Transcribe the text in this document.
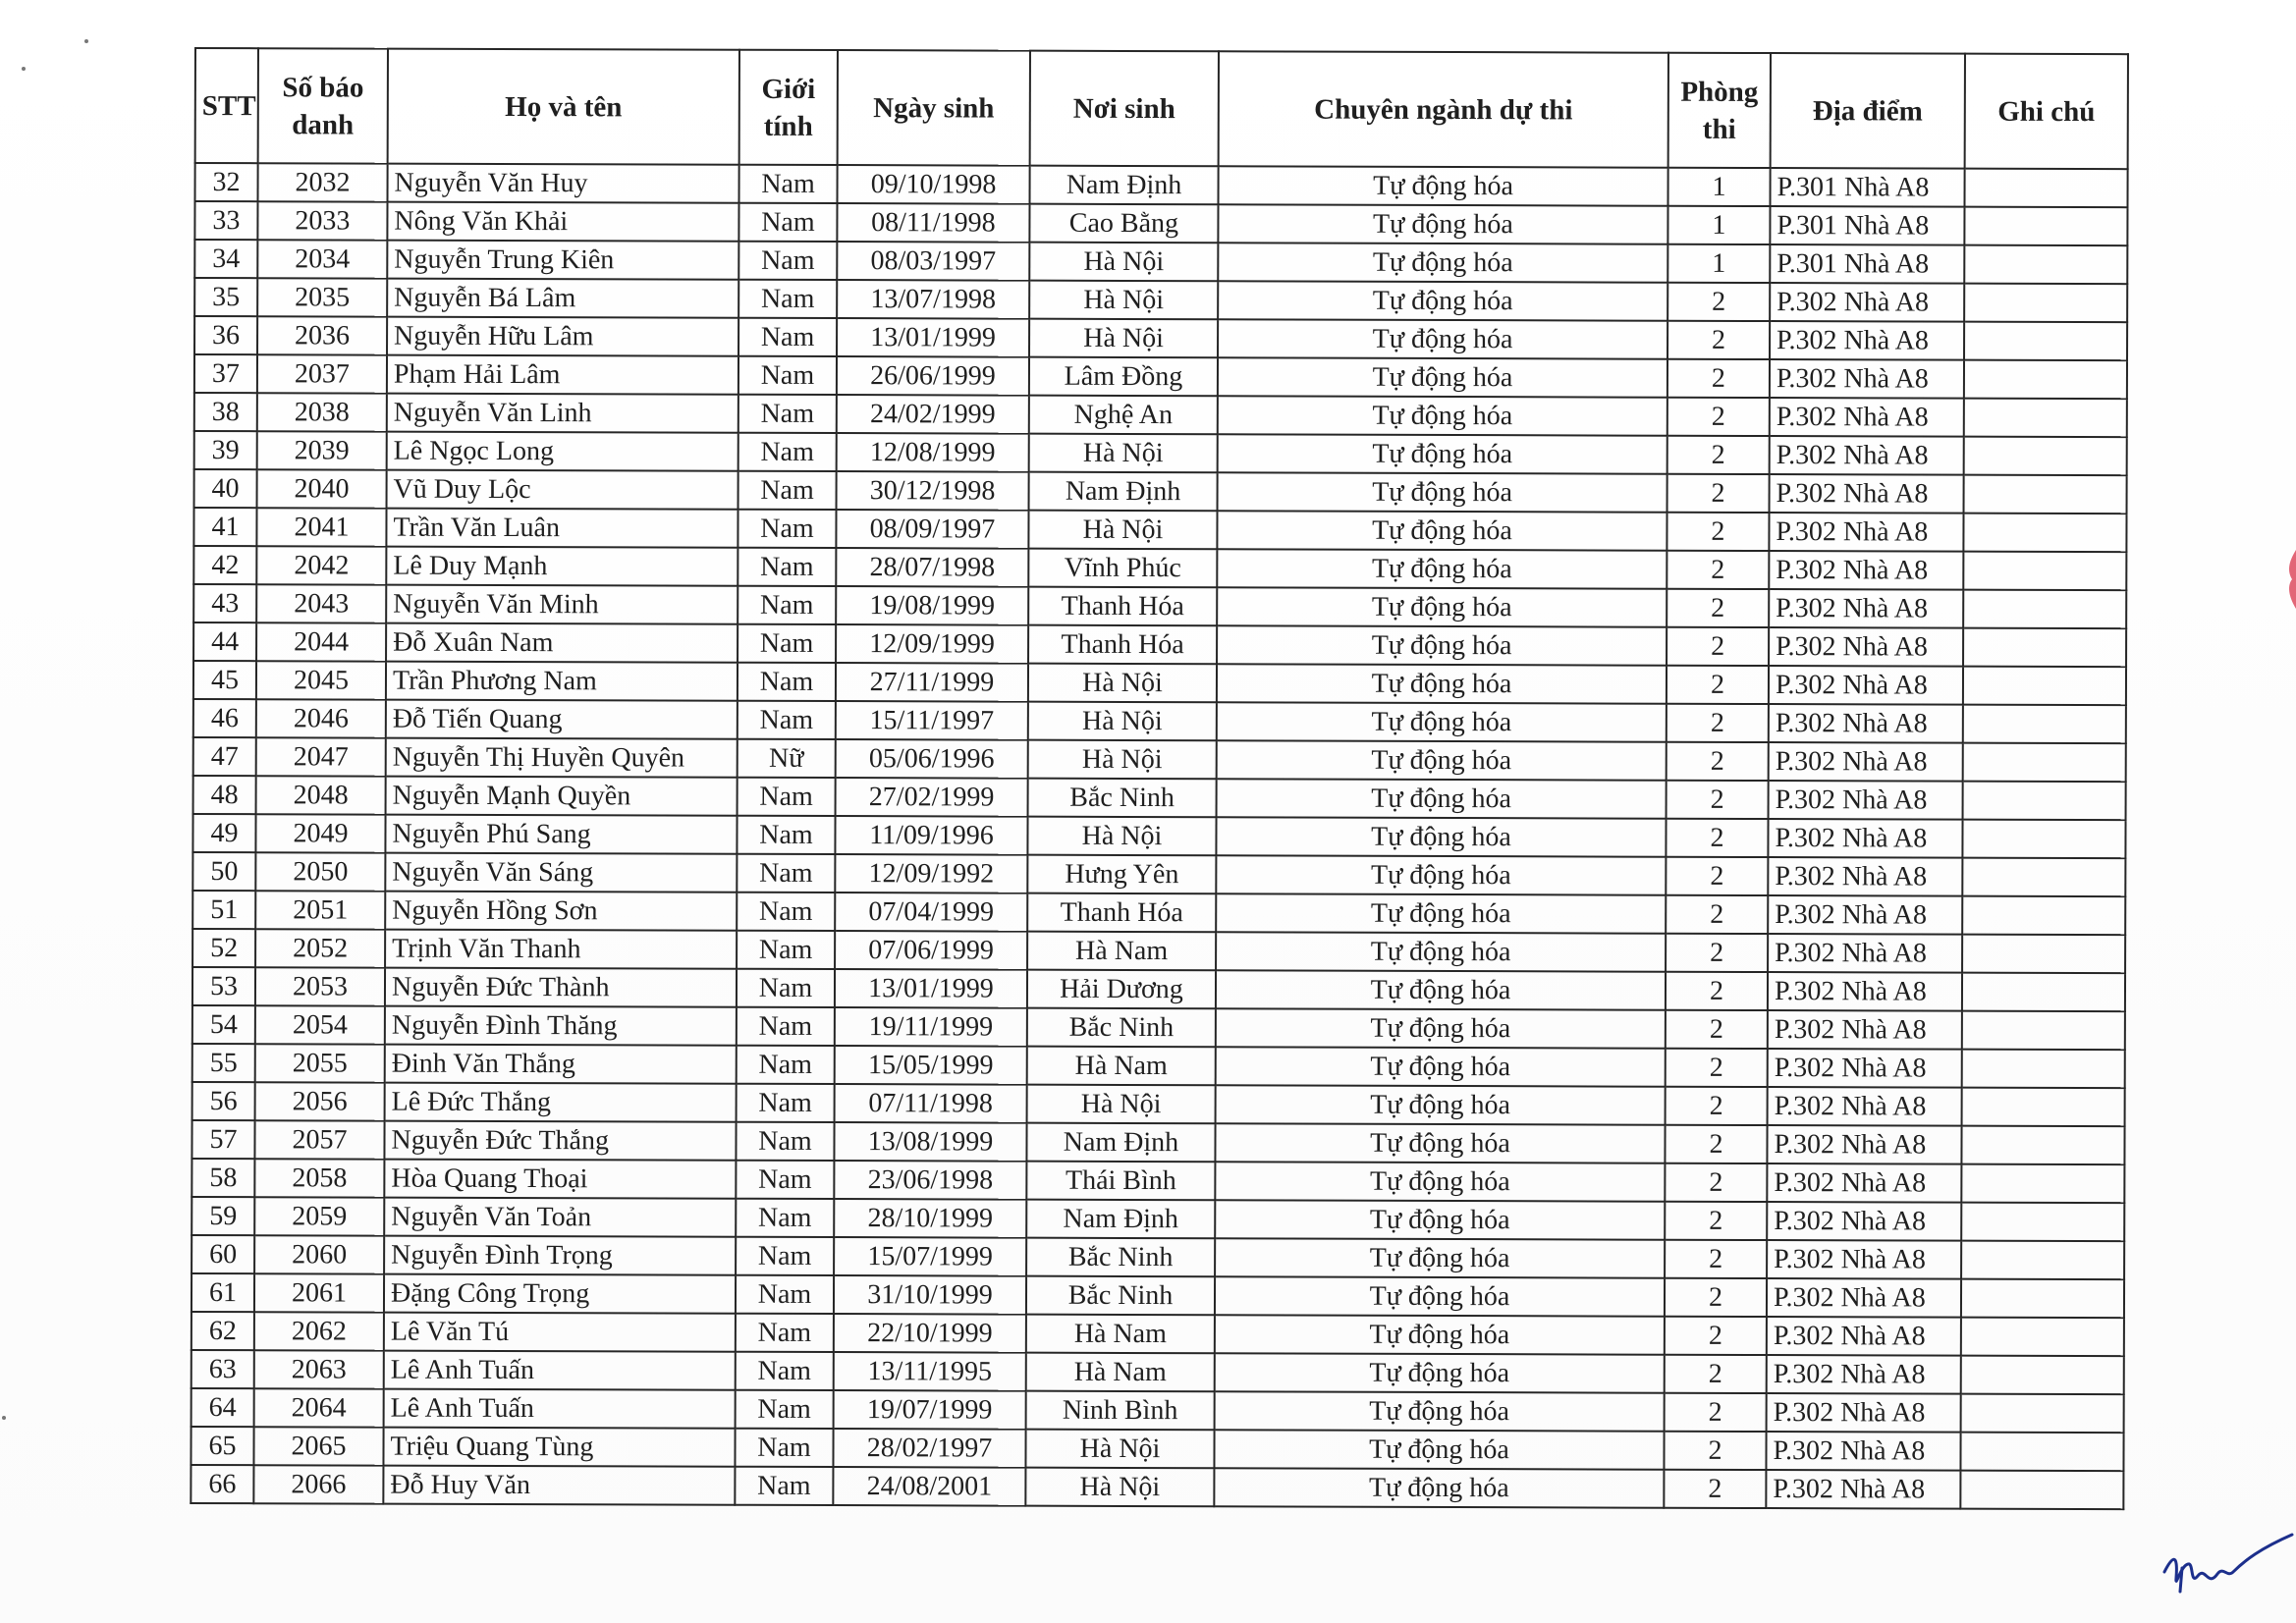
STT	Số báo danh	Họ và tên	Giới tính	Ngày sinh	Nơi sinh	Chuyên ngành dự thi	Phòng thi	Địa điểm	Ghi chú
32	2032	Nguyễn Văn Huy	Nam	09/10/1998	Nam Định	Tự động hóa	1	P.301 Nhà A8	
33	2033	Nông Văn Khải	Nam	08/11/1998	Cao Bằng	Tự động hóa	1	P.301 Nhà A8	
34	2034	Nguyễn Trung Kiên	Nam	08/03/1997	Hà Nội	Tự động hóa	1	P.301 Nhà A8	
35	2035	Nguyễn Bá Lâm	Nam	13/07/1998	Hà Nội	Tự động hóa	2	P.302 Nhà A8	
36	2036	Nguyễn Hữu Lâm	Nam	13/01/1999	Hà Nội	Tự động hóa	2	P.302 Nhà A8	
37	2037	Phạm Hải Lâm	Nam	26/06/1999	Lâm Đồng	Tự động hóa	2	P.302 Nhà A8	
38	2038	Nguyễn Văn Linh	Nam	24/02/1999	Nghệ An	Tự động hóa	2	P.302 Nhà A8	
39	2039	Lê Ngọc Long	Nam	12/08/1999	Hà Nội	Tự động hóa	2	P.302 Nhà A8	
40	2040	Vũ Duy Lộc	Nam	30/12/1998	Nam Định	Tự động hóa	2	P.302 Nhà A8	
41	2041	Trần Văn Luân	Nam	08/09/1997	Hà Nội	Tự động hóa	2	P.302 Nhà A8	
42	2042	Lê Duy Mạnh	Nam	28/07/1998	Vĩnh Phúc	Tự động hóa	2	P.302 Nhà A8	
43	2043	Nguyễn Văn Minh	Nam	19/08/1999	Thanh Hóa	Tự động hóa	2	P.302 Nhà A8	
44	2044	Đỗ Xuân Nam	Nam	12/09/1999	Thanh Hóa	Tự động hóa	2	P.302 Nhà A8	
45	2045	Trần Phương Nam	Nam	27/11/1999	Hà Nội	Tự động hóa	2	P.302 Nhà A8	
46	2046	Đỗ Tiến Quang	Nam	15/11/1997	Hà Nội	Tự động hóa	2	P.302 Nhà A8	
47	2047	Nguyễn Thị Huyền Quyên	Nữ	05/06/1996	Hà Nội	Tự động hóa	2	P.302 Nhà A8	
48	2048	Nguyễn Mạnh Quyền	Nam	27/02/1999	Bắc Ninh	Tự động hóa	2	P.302 Nhà A8	
49	2049	Nguyễn Phú Sang	Nam	11/09/1996	Hà Nội	Tự động hóa	2	P.302 Nhà A8	
50	2050	Nguyễn Văn Sáng	Nam	12/09/1992	Hưng Yên	Tự động hóa	2	P.302 Nhà A8	
51	2051	Nguyễn Hồng Sơn	Nam	07/04/1999	Thanh Hóa	Tự động hóa	2	P.302 Nhà A8	
52	2052	Trịnh Văn Thanh	Nam	07/06/1999	Hà Nam	Tự động hóa	2	P.302 Nhà A8	
53	2053	Nguyễn Đức Thành	Nam	13/01/1999	Hải Dương	Tự động hóa	2	P.302 Nhà A8	
54	2054	Nguyễn Đình Thăng	Nam	19/11/1999	Bắc Ninh	Tự động hóa	2	P.302 Nhà A8	
55	2055	Đinh Văn Thắng	Nam	15/05/1999	Hà Nam	Tự động hóa	2	P.302 Nhà A8	
56	2056	Lê Đức Thắng	Nam	07/11/1998	Hà Nội	Tự động hóa	2	P.302 Nhà A8	
57	2057	Nguyễn Đức Thắng	Nam	13/08/1999	Nam Định	Tự động hóa	2	P.302 Nhà A8	
58	2058	Hòa Quang Thoại	Nam	23/06/1998	Thái Bình	Tự động hóa	2	P.302 Nhà A8	
59	2059	Nguyễn Văn Toản	Nam	28/10/1999	Nam Định	Tự động hóa	2	P.302 Nhà A8	
60	2060	Nguyễn Đình Trọng	Nam	15/07/1999	Bắc Ninh	Tự động hóa	2	P.302 Nhà A8	
61	2061	Đặng Công Trọng	Nam	31/10/1999	Bắc Ninh	Tự động hóa	2	P.302 Nhà A8	
62	2062	Lê Văn Tú	Nam	22/10/1999	Hà Nam	Tự động hóa	2	P.302 Nhà A8	
63	2063	Lê Anh Tuấn	Nam	13/11/1995	Hà Nam	Tự động hóa	2	P.302 Nhà A8	
64	2064	Lê Anh Tuấn	Nam	19/07/1999	Ninh Bình	Tự động hóa	2	P.302 Nhà A8	
65	2065	Triệu Quang Tùng	Nam	28/02/1997	Hà Nội	Tự động hóa	2	P.302 Nhà A8	
66	2066	Đỗ Huy Văn	Nam	24/08/2001	Hà Nội	Tự động hóa	2	P.302 Nhà A8	
